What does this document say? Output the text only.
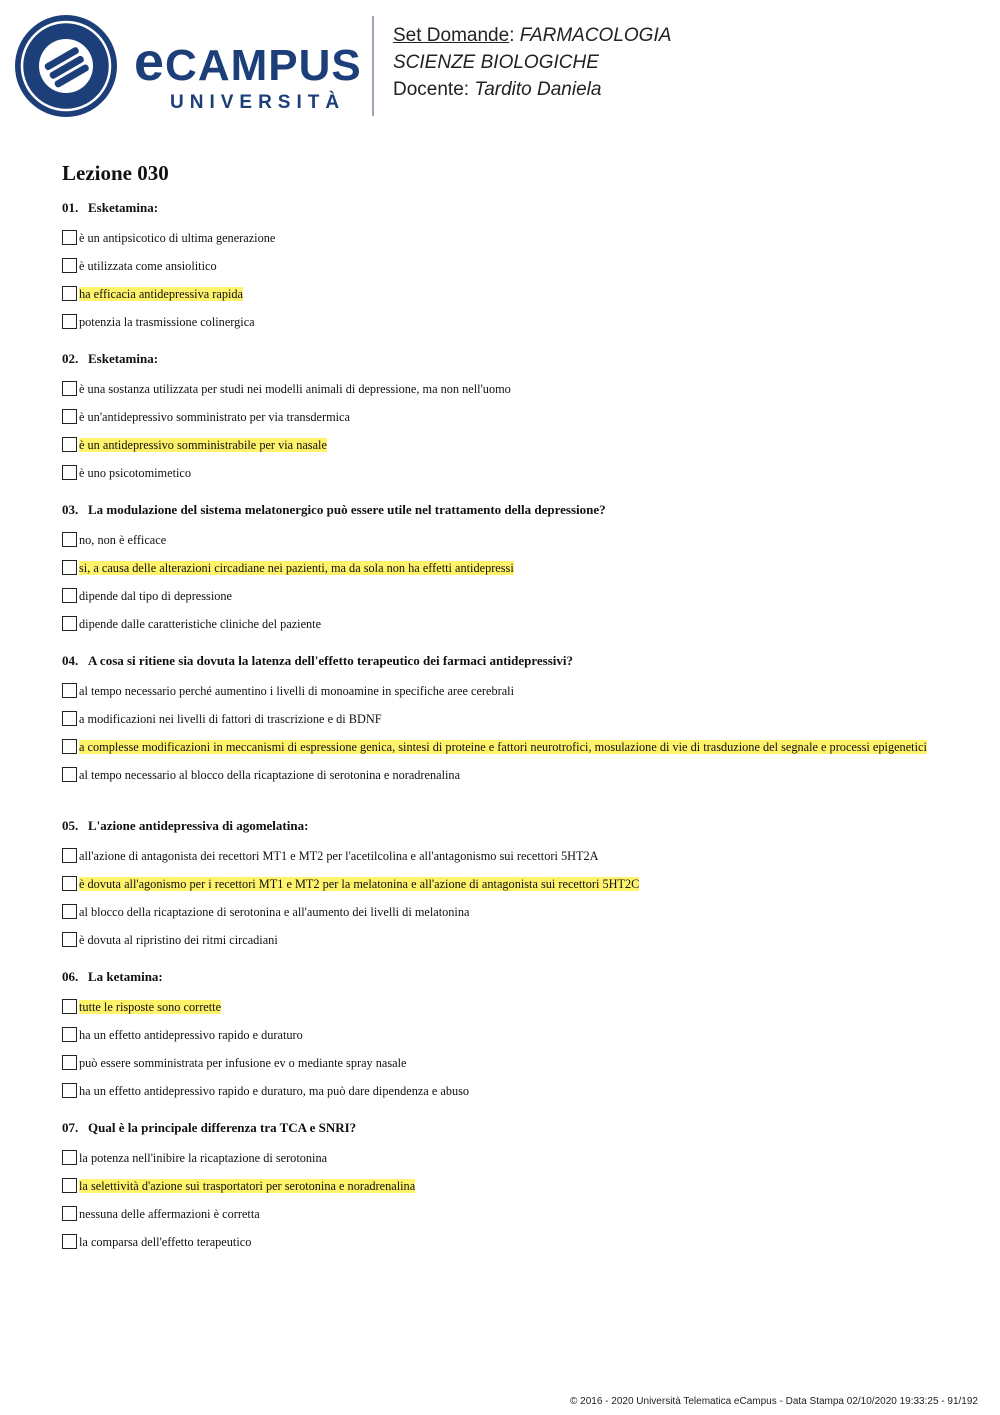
eCAMPUS
UNIVERSITÀ
Set Domande: FARMACOLOGIA
SCIENZE BIOLOGICHE
Docente: Tardito Daniela
Lezione 030
01. Esketamina:
è un antipsicotico di ultima generazione
è utilizzata come ansiolitico
ha efficacia antidepressiva rapida
potenzia la trasmissione colinergica
02. Esketamina:
è una sostanza utilizzata per studi nei modelli animali di depressione, ma non nell'uomo
è un'antidepressivo somministrato per via transdermica
è un antidepressivo somministrabile per via nasale
è uno psicotomimetico
03. La modulazione del sistema melatonergico può essere utile nel trattamento della depressione?
no, non è efficace
si, a causa delle alterazioni circadiane nei pazienti, ma da sola non ha effetti antidepressi
dipende dal tipo di depressione
dipende dalle caratteristiche cliniche del paziente
04. A cosa si ritiene sia dovuta la latenza dell'effetto terapeutico dei farmaci antidepressivi?
al tempo necessario perché aumentino i livelli di monoamine in specifiche aree cerebrali
a modificazioni nei livelli di fattori di trascrizione e di BDNF
a complesse modificazioni in meccanismi di espressione genica, sintesi di proteine e fattori neurotrofici, mosulazione di vie di trasduzione del segnale e processi epigenetici
al tempo necessario al blocco della ricaptazione di serotonina e noradrenalina
05. L'azione antidepressiva di agomelatina:
all'azione di antagonista dei recettori MT1 e MT2 per l'acetilcolina e all'antagonismo sui recettori 5HT2A
è dovuta all'agonismo per i recettori MT1 e MT2 per la melatonina e all'azione di antagonista sui recettori 5HT2C
al blocco della ricaptazione di serotonina e all'aumento dei livelli di melatonina
è dovuta al ripristino dei ritmi circadiani
06. La ketamina:
tutte le risposte sono corrette
ha un effetto antidepressivo rapido e duraturo
può essere somministrata per infusione ev o mediante spray nasale
ha un effetto antidepressivo rapido e duraturo, ma può dare dipendenza e abuso
07. Qual è la principale differenza tra TCA e SNRI?
la potenza nell'inibire la ricaptazione di serotonina
la selettività d'azione sui trasportatori per serotonina e noradrenalina
nessuna delle affermazioni è corretta
la comparsa dell'effetto terapeutico
© 2016 - 2020 Università Telematica eCampus - Data Stampa 02/10/2020 19:33:25 - 91/192
